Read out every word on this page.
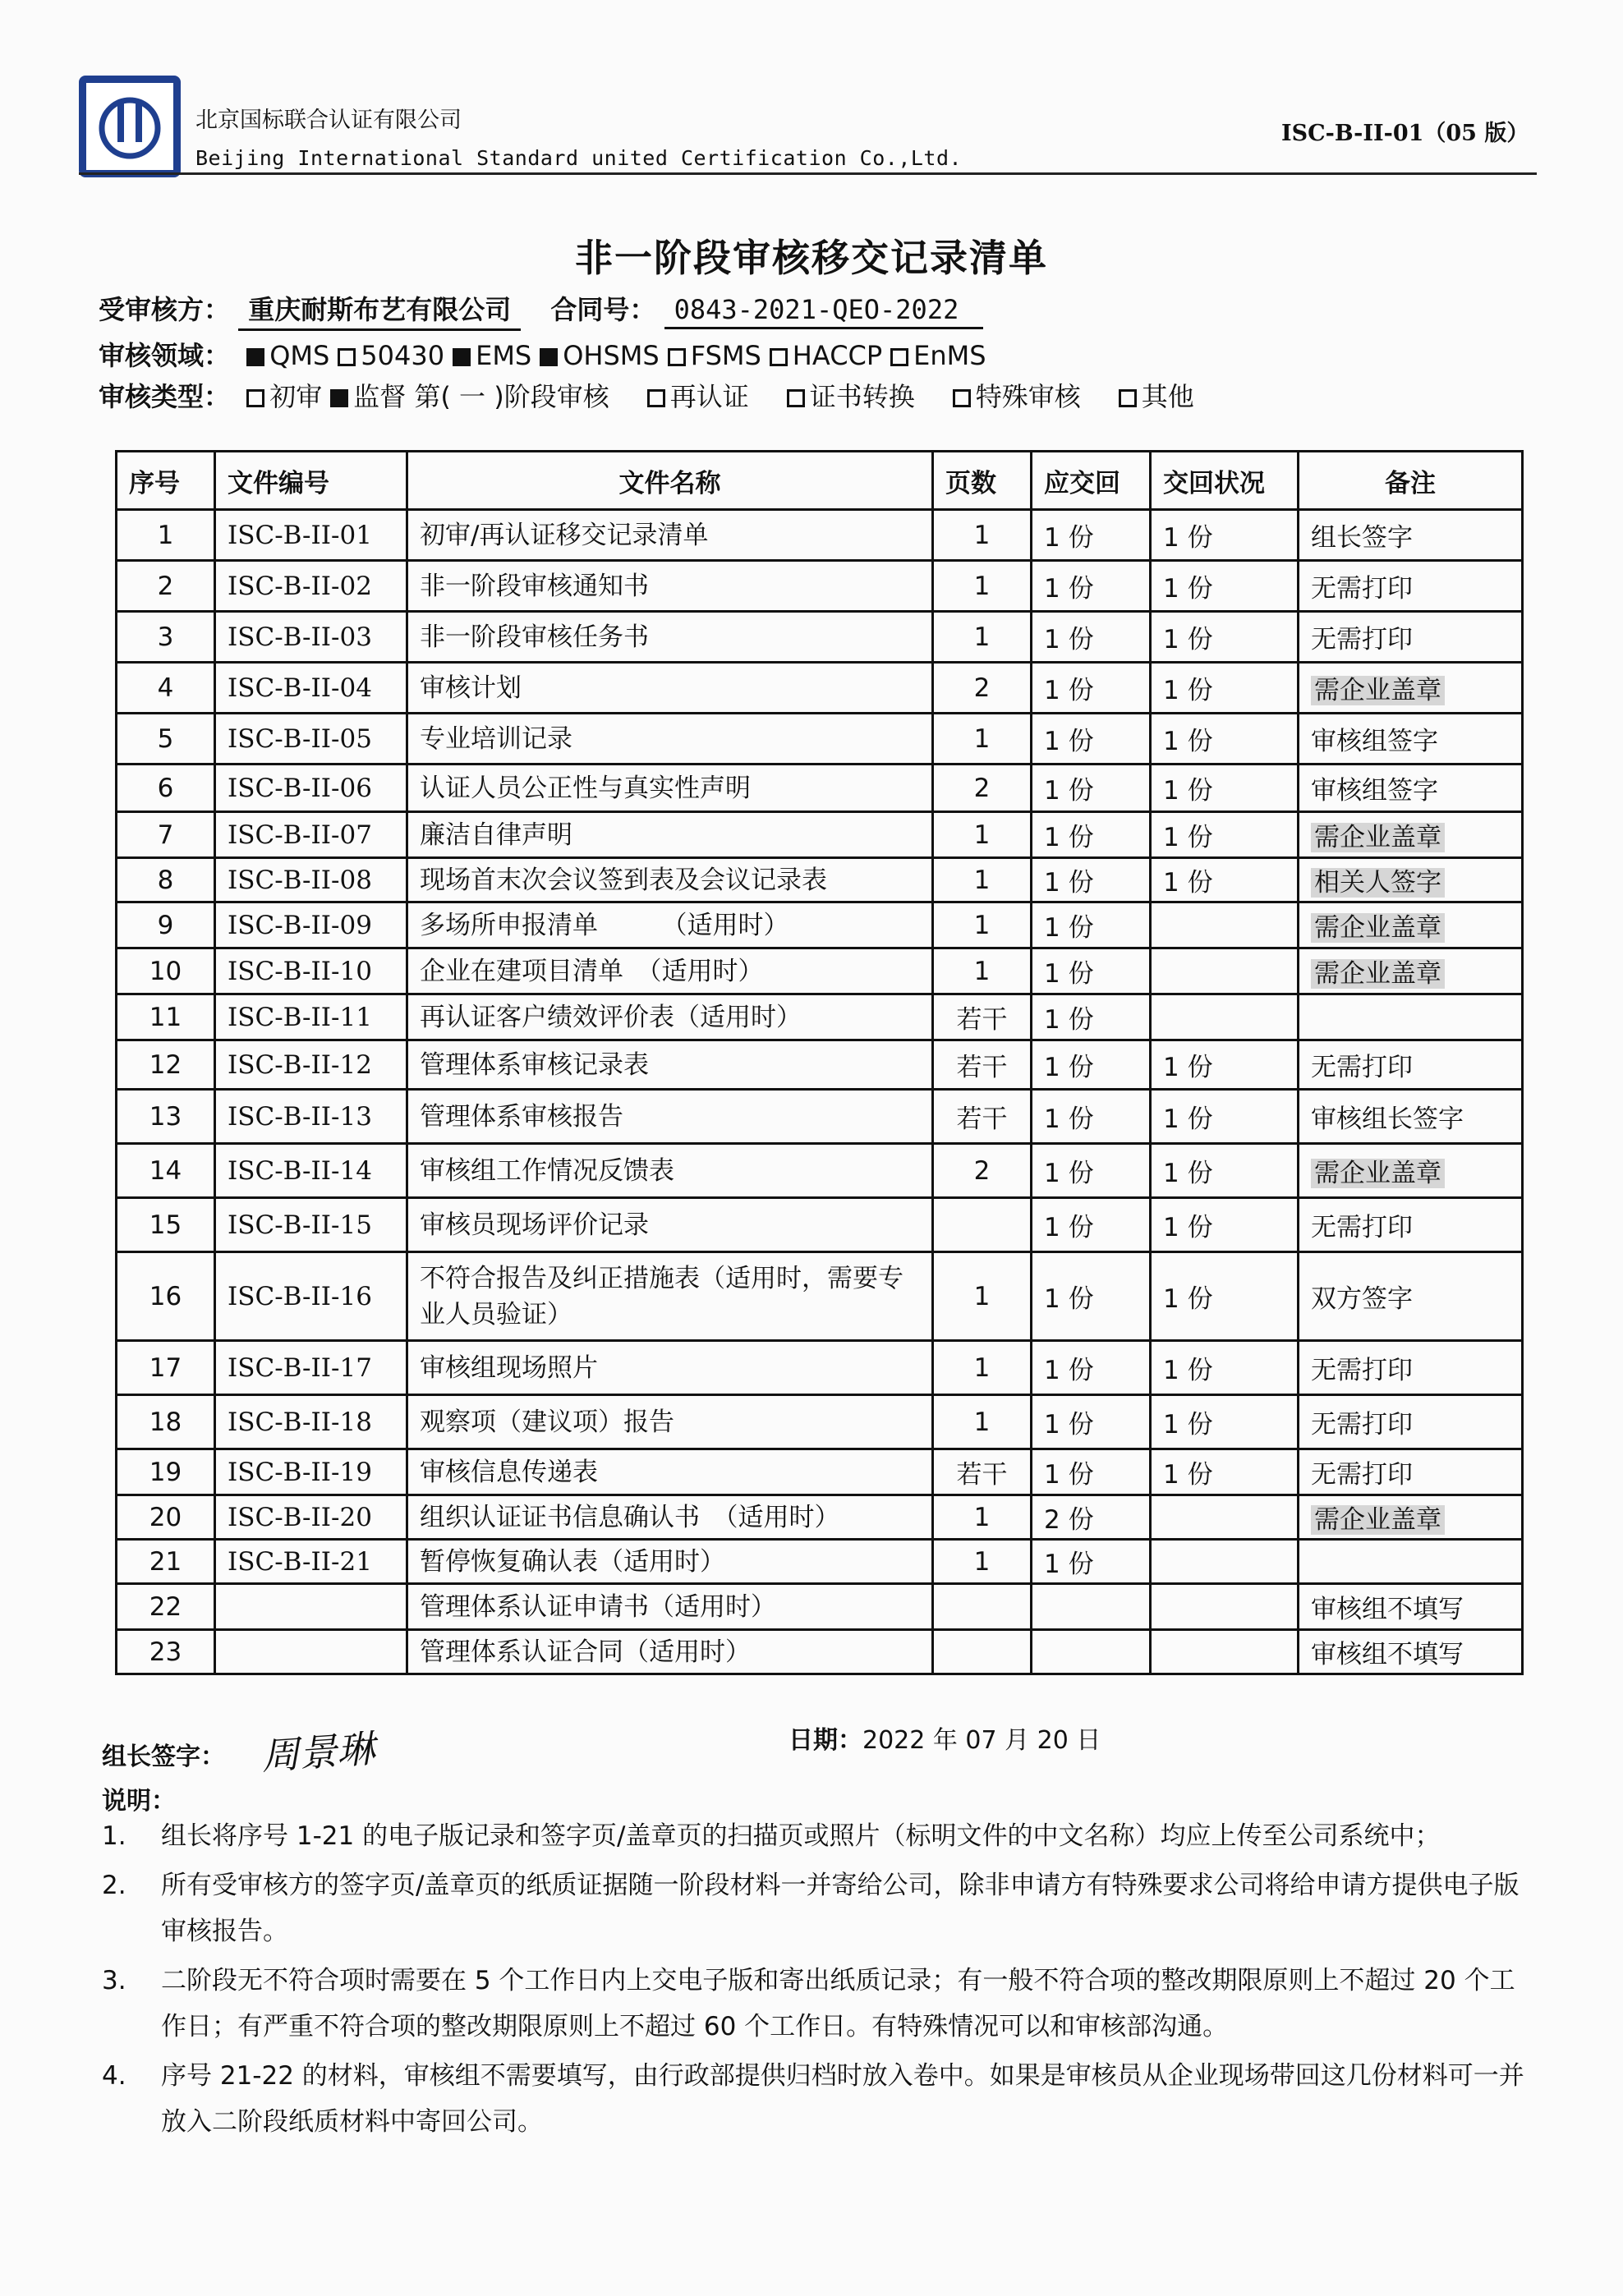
北京国标联合认证有限公司
Beijing International Standard united Certification Co.,Ltd.
ISC-B-II-01（05 版）
非一阶段审核移交记录清单
受审核方： 重庆耐斯布艺有限公司 合同号： 0843-2021-QEO-2022
审核领域： QMS 50430 EMS OHSMS FSMS HACCP EnMS
审核类型： 初审 监督 第( 一 )阶段审核 再认证 证书转换 特殊审核 其他
序号	文件编号	文件名称	页数	应交回	交回状况	备注
1	ISC-B-II-01	初审/再认证移交记录清单	1	1 份	1 份	组长签字
2	ISC-B-II-02	非一阶段审核通知书	1	1 份	1 份	无需打印
3	ISC-B-II-03	非一阶段审核任务书	1	1 份	1 份	无需打印
4	ISC-B-II-04	审核计划	2	1 份	1 份	需企业盖章
5	ISC-B-II-05	专业培训记录	1	1 份	1 份	审核组签字
6	ISC-B-II-06	认证人员公正性与真实性声明	2	1 份	1 份	审核组签字
7	ISC-B-II-07	廉洁自律声明	1	1 份	1 份	需企业盖章
8	ISC-B-II-08	现场首末次会议签到表及会议记录表	1	1 份	1 份	相关人签字
9	ISC-B-II-09	多场所申报清单　　　（适用时）	1	1 份		需企业盖章
10	ISC-B-II-10	企业在建项目清单　（适用时）	1	1 份		需企业盖章
11	ISC-B-II-11	再认证客户绩效评价表（适用时）	若干	1 份		
12	ISC-B-II-12	管理体系审核记录表	若干	1 份	1 份	无需打印
13	ISC-B-II-13	管理体系审核报告	若干	1 份	1 份	审核组长签字
14	ISC-B-II-14	审核组工作情况反馈表	2	1 份	1 份	需企业盖章
15	ISC-B-II-15	审核员现场评价记录		1 份	1 份	无需打印
16	ISC-B-II-16	不符合报告及纠正措施表（适用时，需要专业人员验证）	1	1 份	1 份	双方签字
17	ISC-B-II-17	审核组现场照片	1	1 份	1 份	无需打印
18	ISC-B-II-18	观察项（建议项）报告	1	1 份	1 份	无需打印
19	ISC-B-II-19	审核信息传递表	若干	1 份	1 份	无需打印
20	ISC-B-II-20	组织认证证书信息确认书　（适用时）	1	2 份		需企业盖章
21	ISC-B-II-21	暂停恢复确认表（适用时）	1	1 份		
22		管理体系认证申请书（适用时）				审核组不填写
23		管理体系认证合同（适用时）				审核组不填写
组长签字： 周景琳	日期：2022 年 07 月 20 日
说明：
1.	组长将序号 1-21 的电子版记录和签字页/盖章页的扫描页或照片（标明文件的中文名称）均应上传至公司系统中；
2.	所有受审核方的签字页/盖章页的纸质证据随一阶段材料一并寄给公司，除非申请方有特殊要求公司将给申请方提供电子版审核报告。
3.	二阶段无不符合项时需要在 5 个工作日内上交电子版和寄出纸质记录；有一般不符合项的整改期限原则上不超过 20 个工作日；有严重不符合项的整改期限原则上不超过 60 个工作日。有特殊情况可以和审核部沟通。
4.	序号 21-22 的材料，审核组不需要填写，由行政部提供归档时放入卷中。如果是审核员从企业现场带回这几份材料可一并放入二阶段纸质材料中寄回公司。
